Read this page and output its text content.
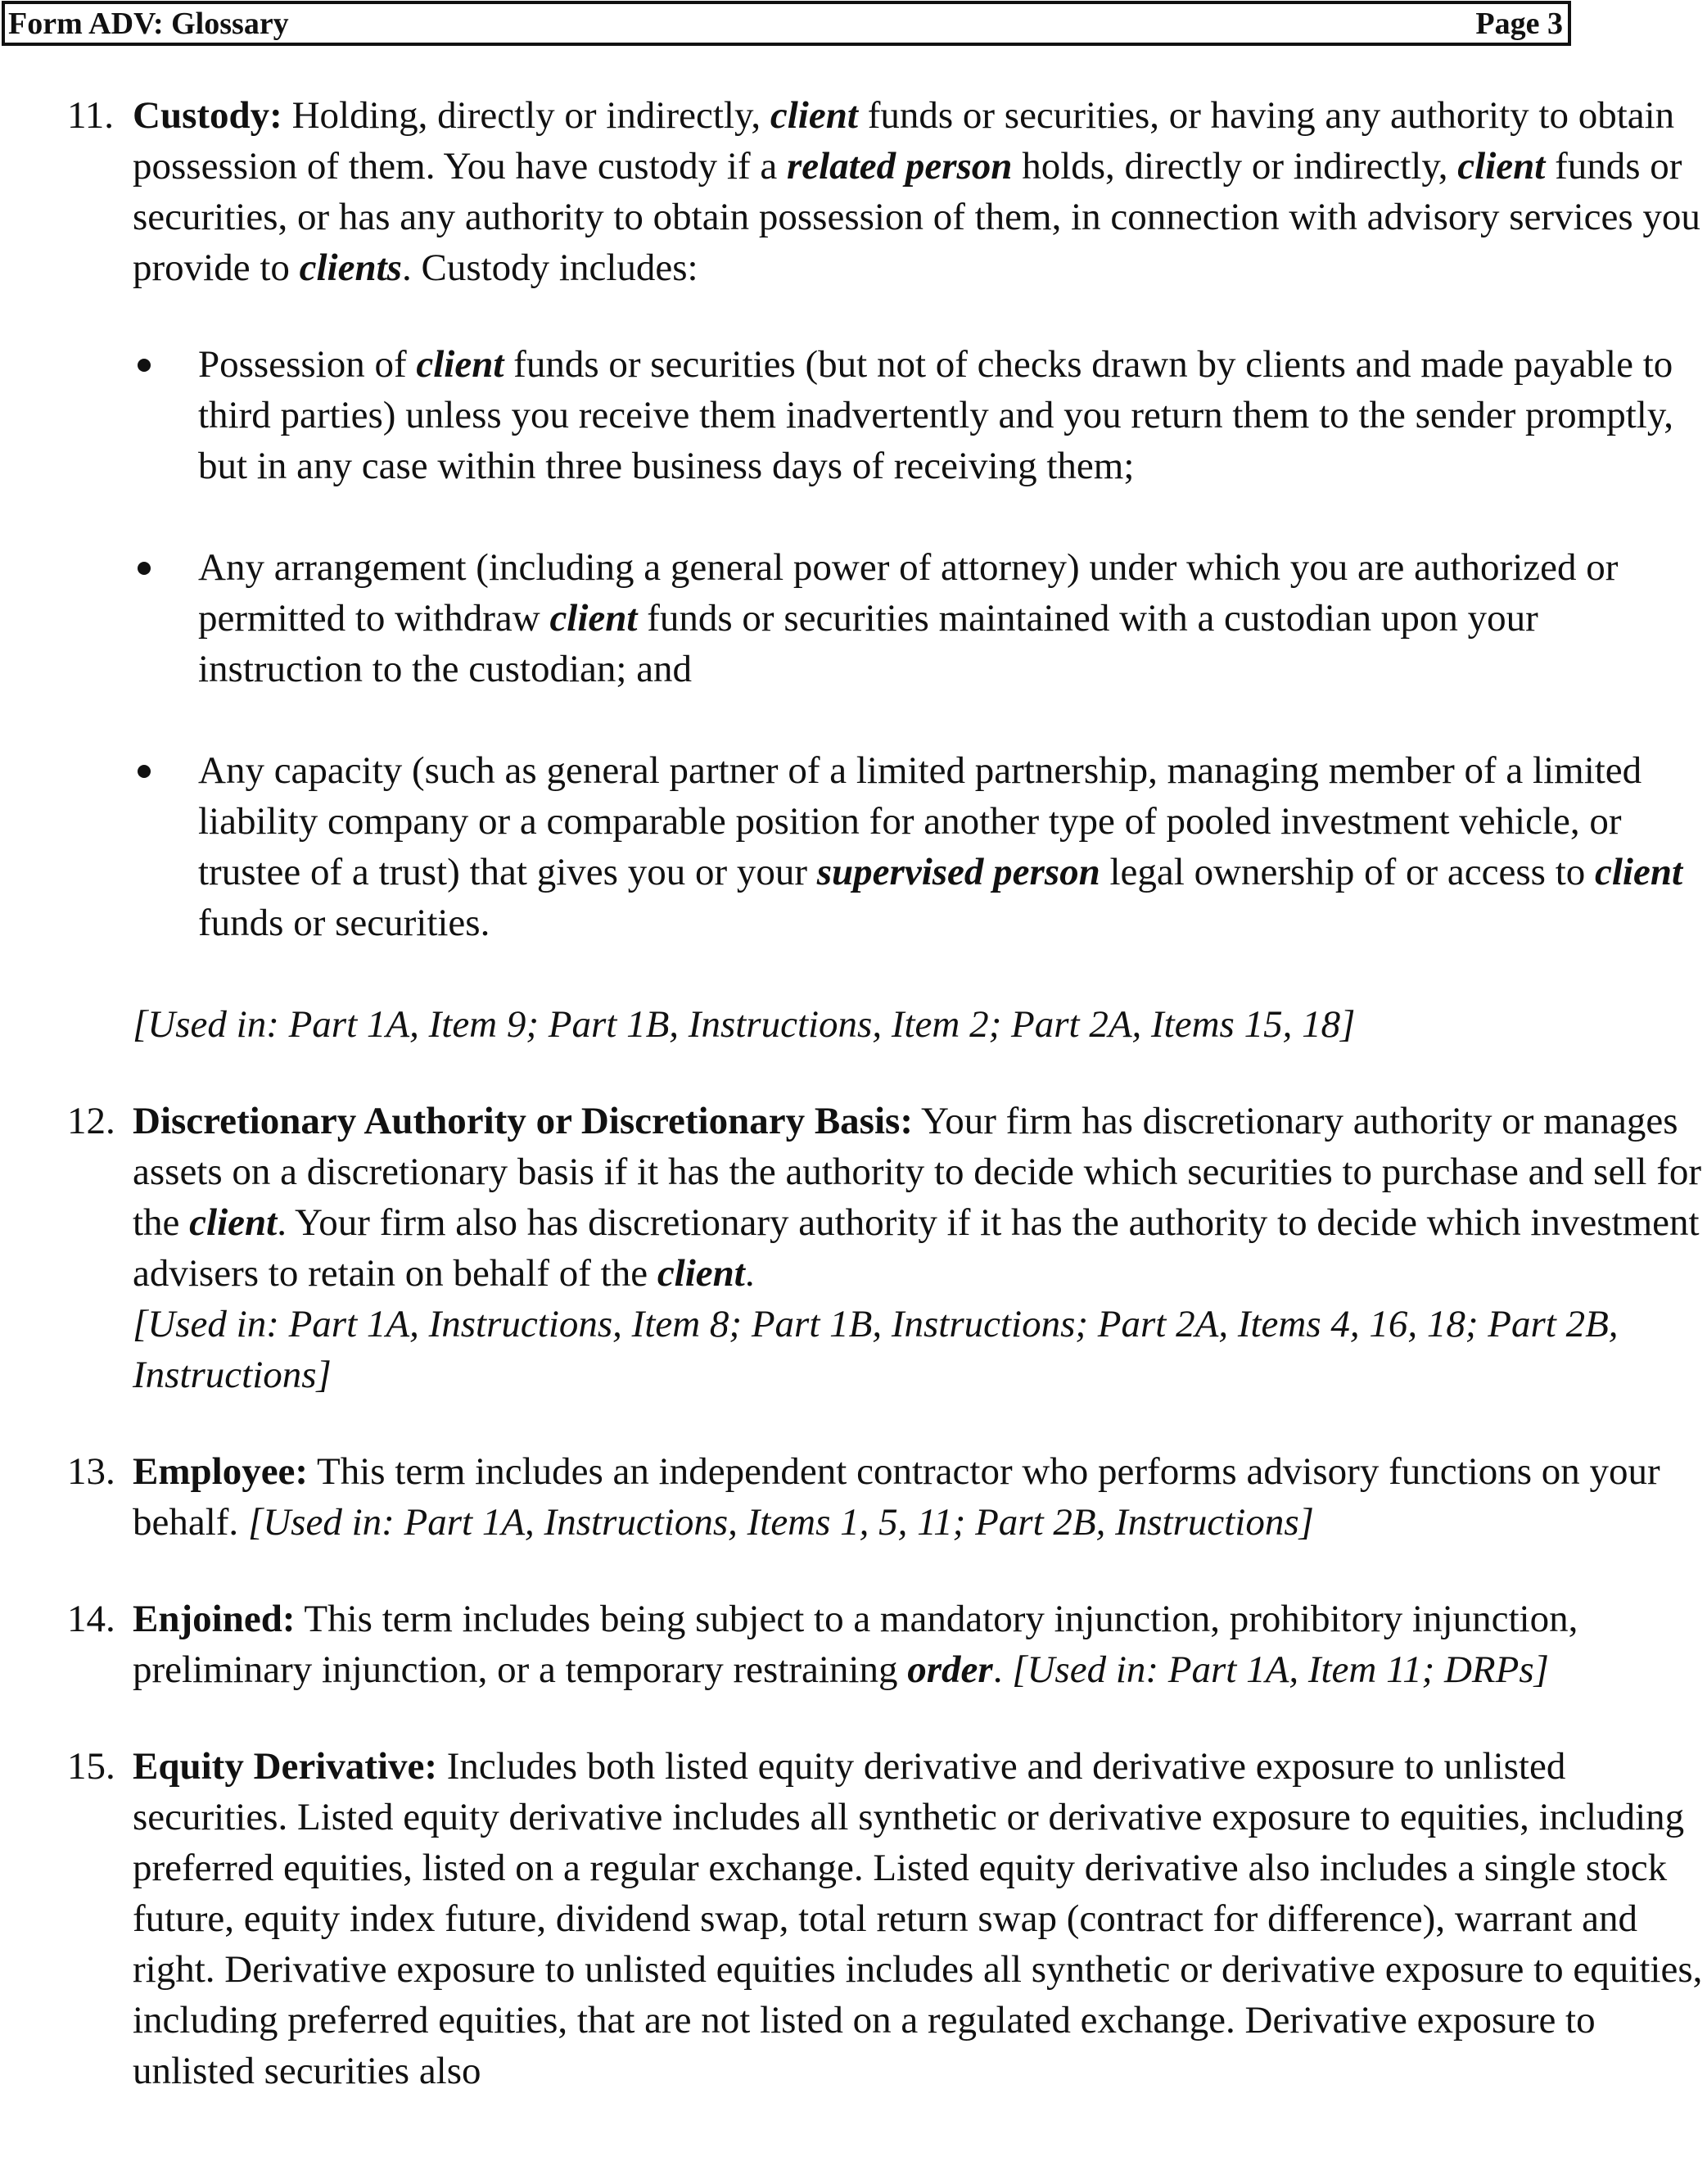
Form ADV: Glossary	Page 3
11. Custody: Holding, directly or indirectly, client funds or securities, or having any authority to obtain possession of them. You have custody if a related person holds, directly or indirectly, client funds or securities, or has any authority to obtain possession of them, in connection with advisory services you provide to clients. Custody includes:

Possession of client funds or securities (but not of checks drawn by clients and made payable to third parties) unless you receive them inadvertently and you return them to the sender promptly, but in any case within three business days of receiving them;
Any arrangement (including a general power of attorney) under which you are authorized or permitted to withdraw client funds or securities maintained with a custodian upon your instruction to the custodian; and
Any capacity (such as general partner of a limited partnership, managing member of a limited liability company or a comparable position for another type of pooled investment vehicle, or trustee of a trust) that gives you or your supervised person legal ownership of or access to client funds or securities.

[Used in: Part 1A, Item 9; Part 1B, Instructions, Item 2; Part 2A, Items 15, 18]

12. Discretionary Authority or Discretionary Basis: Your firm has discretionary authority or manages assets on a discretionary basis if it has the authority to decide which securities to purchase and sell for the client. Your firm also has discretionary authority if it has the authority to decide which investment advisers to retain on behalf of the client.
[Used in: Part 1A, Instructions, Item 8; Part 1B, Instructions; Part 2A, Items 4, 16, 18; Part 2B, Instructions]

13. Employee: This term includes an independent contractor who performs advisory functions on your behalf. [Used in: Part 1A, Instructions, Items 1, 5, 11; Part 2B, Instructions]

14. Enjoined: This term includes being subject to a mandatory injunction, prohibitory injunction, preliminary injunction, or a temporary restraining order. [Used in: Part 1A, Item 11; DRPs]

15. Equity Derivative: Includes both listed equity derivative and derivative exposure to unlisted securities. Listed equity derivative includes all synthetic or derivative exposure to equities, including preferred equities, listed on a regular exchange. Listed equity derivative also includes a single stock future, equity index future, dividend swap, total return swap (contract for difference), warrant and right. Derivative exposure to unlisted equities includes all synthetic or derivative exposure to equities, including preferred equities, that are not listed on a regulated exchange. Derivative exposure to unlisted securities also
